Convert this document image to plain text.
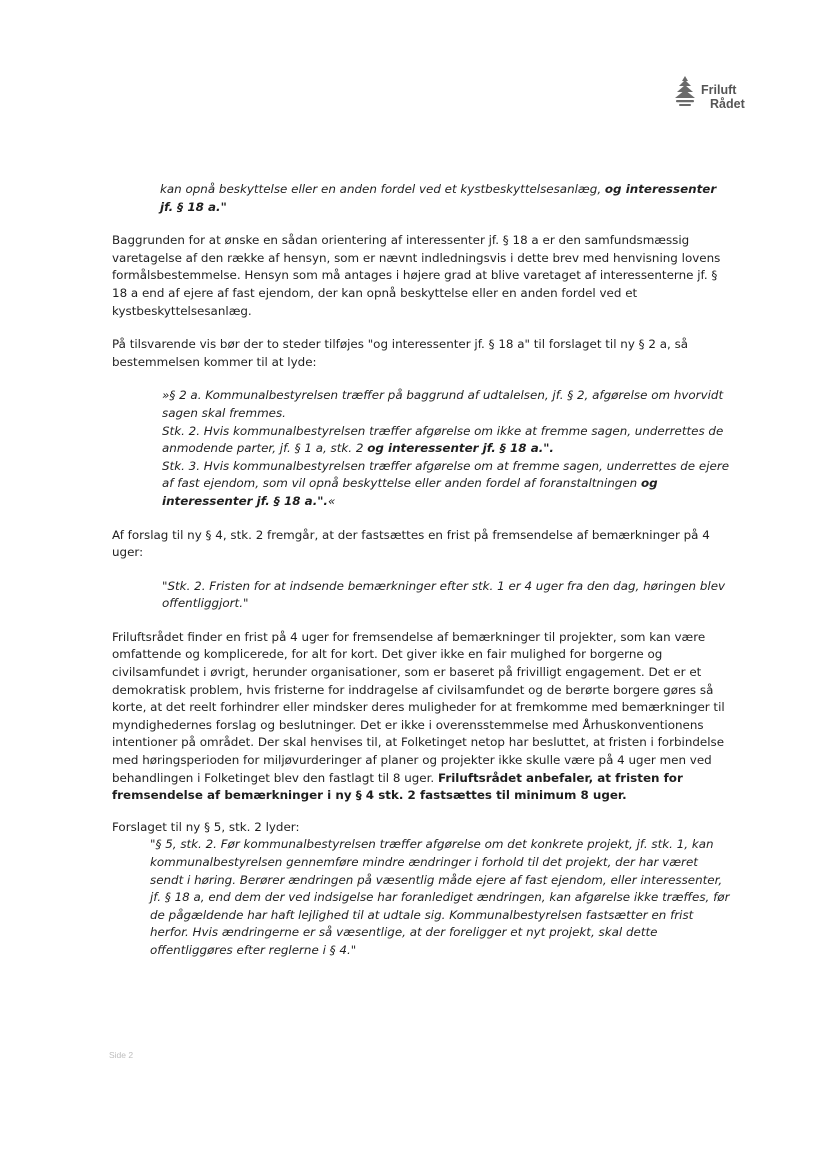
Friluft
Rådet

kan opnå beskyttelse eller en anden fordel ved et kystbeskyttelsesanlæg, og interessenter jf. § 18 a."

Baggrunden for at ønske en sådan orientering af interessenter jf. § 18 a er den samfundsmæssig varetagelse af den række af hensyn, som er nævnt indledningsvis i dette brev med henvisning lovens formålsbestemmelse. Hensyn som må antages i højere grad at blive varetaget af interessenterne jf. § 18 a end af ejere af fast ejendom, der kan opnå beskyttelse eller en anden fordel ved et kystbeskyttelsesanlæg.

På tilsvarende vis bør der to steder tilføjes "og interessenter jf. § 18 a" til forslaget til ny § 2 a, så bestemmelsen kommer til at lyde:

»§ 2 a. Kommunalbestyrelsen træffer på baggrund af udtalelsen, jf. § 2, afgørelse om hvorvidt sagen skal fremmes.

Stk. 2. Hvis kommunalbestyrelsen træffer afgørelse om ikke at fremme sagen, underrettes de anmodende parter, jf. § 1 a, stk. 2 og interessenter jf. § 18 a.".

Stk. 3. Hvis kommunalbestyrelsen træffer afgørelse om at fremme sagen, underrettes de ejere af fast ejendom, som vil opnå beskyttelse eller anden fordel af foranstaltningen og interessenter jf. § 18 a.".«

Af forslag til ny § 4, stk. 2 fremgår, at der fastsættes en frist på fremsendelse af bemærkninger på 4 uger:

"Stk. 2. Fristen for at indsende bemærkninger efter stk. 1 er 4 uger fra den dag, høringen blev offentliggjort."

Friluftsrådet finder en frist på 4 uger for fremsendelse af bemærkninger til projekter, som kan være omfattende og komplicerede, for alt for kort. Det giver ikke en fair mulighed for borgerne og civilsamfundet i øvrigt, herunder organisationer, som er baseret på frivilligt engagement. Det er et demokratisk problem, hvis fristerne for inddragelse af civilsamfundet og de berørte borgere gøres så korte, at det reelt forhindrer eller mindsker deres muligheder for at fremkomme med bemærkninger til myndighedernes forslag og beslutninger. Det er ikke i overensstemmelse med Århuskonventionens intentioner på området. Der skal henvises til, at Folketinget netop har besluttet, at fristen i forbindelse med høringsperioden for miljøvurderinger af planer og projekter ikke skulle være på 4 uger men ved behandlingen i Folketinget blev den fastlagt til 8 uger. Friluftsrådet anbefaler, at fristen for fremsendelse af bemærkninger i ny § 4 stk. 2 fastsættes til minimum 8 uger.

Forslaget til ny § 5, stk. 2 lyder:

"§ 5, stk. 2. Før kommunalbestyrelsen træffer afgørelse om det konkrete projekt, jf. stk. 1, kan kommunalbestyrelsen gennemføre mindre ændringer i forhold til det projekt, der har været sendt i høring. Berører ændringen på væsentlig måde ejere af fast ejendom, eller interessenter, jf. § 18 a, end dem der ved indsigelse har foranlediget ændringen, kan afgørelse ikke træffes, før de pågældende har haft lejlighed til at udtale sig. Kommunalbestyrelsen fastsætter en frist herfor. Hvis ændringerne er så væsentlige, at der foreligger et nyt projekt, skal dette offentliggøres efter reglerne i § 4."

Side 2
